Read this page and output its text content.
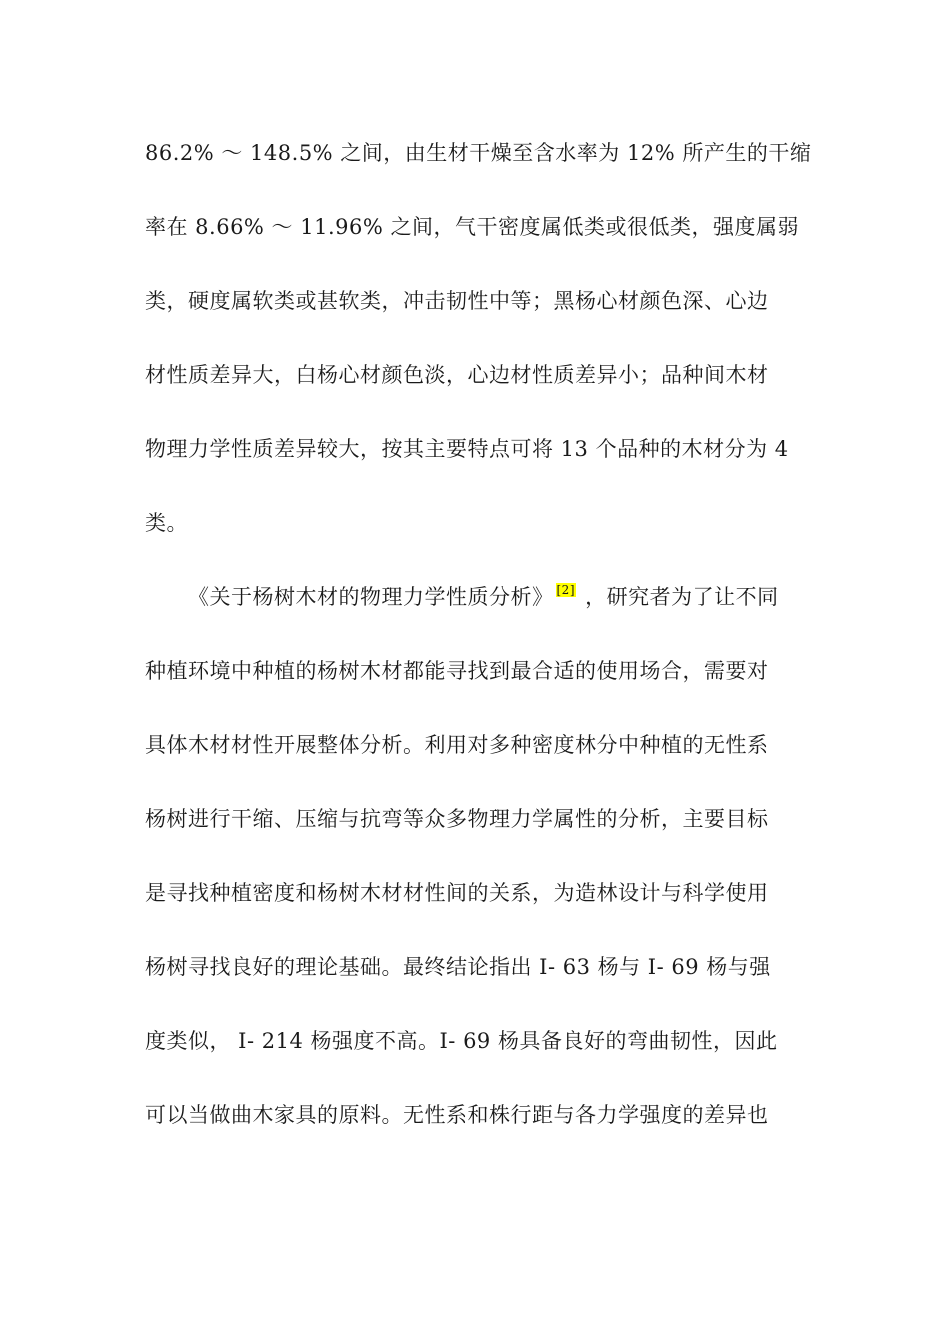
86.2% ～ 148.5% 之间，由生材干燥至含水率为 12% 所产生的干缩
率在 8.66% ～ 11.96% 之间，气干密度属低类或很低类，强度属弱
类，硬度属软类或甚软类，冲击韧性中等；黑杨心材颜色深、心边
材性质差异大，白杨心材颜色淡，心边材性质差异小；品种间木材
物理力学性质差异较大，按其主要特点可将 13 个品种的木材分为 4
类。
《关于杨树木材的物理力学性质分析》 [2] ，研究者为了让不同
种植环境中种植的杨树木材都能寻找到最合适的使用场合，需要对
具体木材材性开展整体分析。利用对多种密度林分中种植的无性系
杨树进行干缩、压缩与抗弯等众多物理力学属性的分析，主要目标
是寻找种植密度和杨树木材材性间的关系，为造林设计与科学使用
杨树寻找良好的理论基础。最终结论指出 I- 63 杨与 I- 69 杨与强
度类似， I- 214 杨强度不高。I- 69 杨具备良好的弯曲韧性，因此
可以当做曲木家具的原料。无性系和株行距与各力学强度的差异也
